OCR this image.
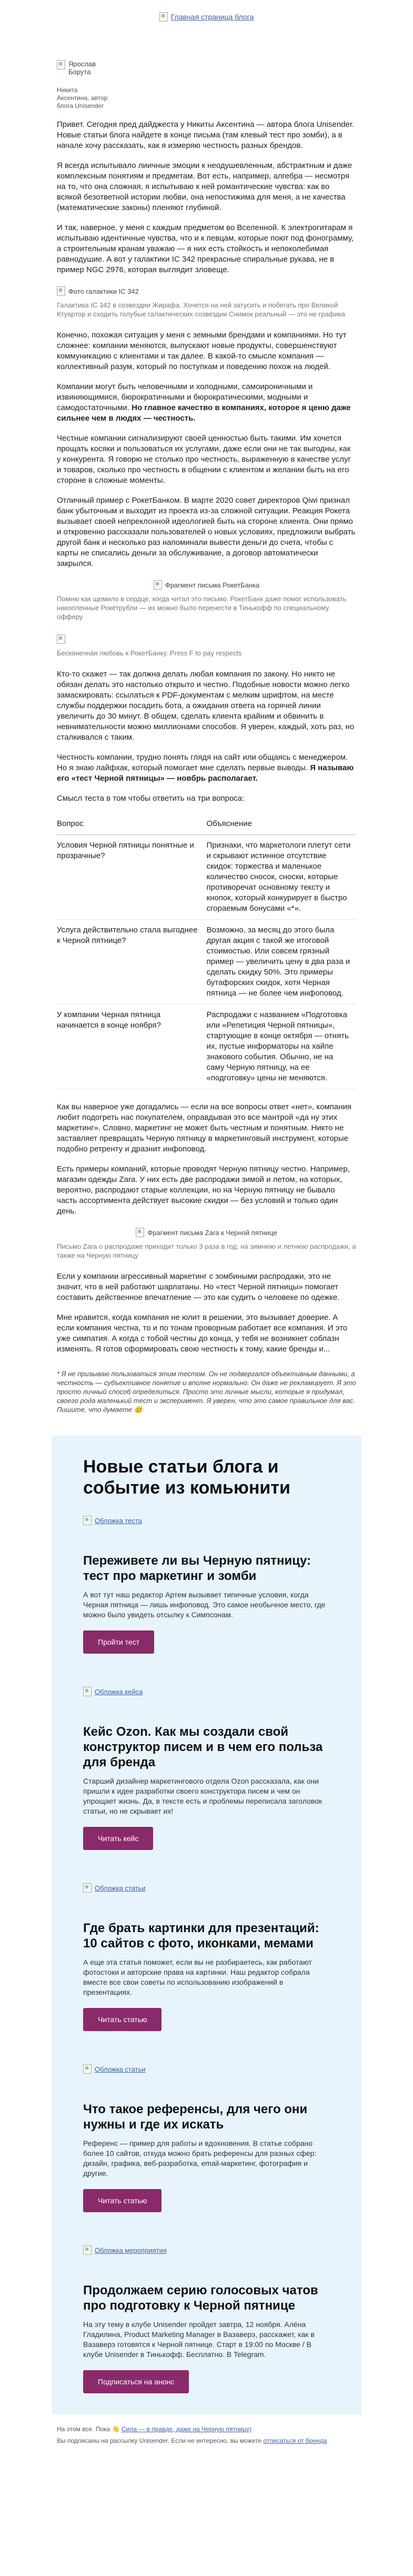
Главная страница блога
Ярослав Борута
Никита Аксентина, автор блога Unisender

Привет. Сегодня пред дайджеста у Никиты Аксентина — автора блога Unisender. Новые статьи блога найдете в конце письма (там клевый тест про зомби), а в начале хочу рассказать, как я измеряю честность разных брендов.

Я всегда испытывало лиичные эмоции к неодушевленным, абстрактным и даже комплексным понятиям и предметам. Вот есть, например, алгебра — несмотря на то, что она сложная, я испытываю к ней романтические чувства: как во всякой безответной истории любви, она непостижима для меня, а не качества (математические законы) пленяют глубиной.

И так, наверное, у меня с каждым предметом во Вселенной. К электрогитарам я испытываю идентичные чувства, что и к певцам, которые поют под фонограмму, а строительным кранам уважаю — я них есть стойкость и непоколебимая равнодушие. А вот у галактики IC 342 прекрасные спиральные рукава, не в пример NGC 2976, которая выглядит зловеще.

Фото галактики IC 342
Галактика IC 342 в созвездии Жирафа. Хочется на ней затусить и побегать про Великой Ктуартор и сходить голубые галактических созвездии Снимок реальный — это не графика

Конечно, похожая ситуация у меня с земными брендами и компаниями. Но тут сложнее: компании меняются, выпускают новые продукты, совершенствуют коммуникацию с клиентами и так далее. В какой-то смысле компания — коллективный разум, который по поступкам и поведению похож на людей.

Компании могут быть человечными и холодными, самоироничными и извиняющимися, бюрократичными и бюрократическими, модными и самодостаточными. Но главное качество в компаниях, которое я ценю даже сильнее чем в людях — честность.

Честные компании сигнализируют своей ценностью быть такими. Им хочется прощать косяки и пользоваться их услугами, даже если они не так выгодны, как у конкурента. Я говорю не столько про честность, выраженную в качестве услуг и товаров, сколько про честность в общении с клиентом и желании быть на его стороне в сложные моменты.

Отличный пример с РокетБанком. В марте 2020 совет директоров Qiwi признал банк убыточным и выходит из проекта из-за сложной ситуации. Реакция Рокета вызывает своей непреклонной идеологией быть на стороне клиента. Они прямо и откровенно рассказали пользователей о новых условиях, предложили выбрать другой банк и несколько раз напоминали вывести деньги до счета, чтобы с карты не списались деньги за обслуживание, а договор автоматически закрылся.

Фрагмент письма РокетБанка
Помню как щемило в сердце, когда читал это письмо. РокетБанк даже помог использовать накопленные Рокетрубли — их можно было перенести в Тинькофф по специальному офферу
Бесконечная любовь к РокетБанку. Press F to pay respects

Кто-то скажет — так должна делать любая компания по закону. Но никто не обязан делать это настолько открыто и честно. Подобные новости можно легко замаскировать: ссылаться к PDF-документам с мелким шрифтом, на месте службы поддержки посадить бота, а ожидания ответа на горячей линии увеличить до 30 минут. В общем, сделать клиента крайним и обвинить в невнимательности можно миллионами способов. Я уверен, каждый, хоть раз, но сталкивался с таким.

Честность компании, трудно понять глядя на сайт или общаясь с менеджером. Но я знаю лайфхак, который помогает мне сделать первые выводы. Я называю его «тест Черной пятницы» — новбрь располагает.

Смысл теста в том чтобы ответить на три вопроса:

Вопрос	Объяснение
Условия Черной пятницы понятные и прозрачные?	Признаки, что маркетологи плетут сети и скрывают истинное отсутствие скидок: торжества и маленькое количество сносок, сноски, которые противоречат основному тексту и кнопок, который конкурирует в быстро сгораемым бонусами «*».
Услуга действительно стала выгоднее к Черной пятнице?	Возможно, за месяц до этого была другая акция с такой же итоговой стоимостью. Или совсем грязный пример — увеличить цену в два раза и сделать скидку 50%. Это примеры бутафорских скидок, хотя Черная пятница — не более чем инфоповод.
У компании Черная пятница начинается в конце ноября?	Распродажи с названием «Подготовка или «Репетиция Черной пятницы», стартующие в конце октября — отнять их, пустые информаторы на хайпе знакового события. Обычно, не на саму Черную пятницу, на ее «подготовку» цены не меняются.

Как вы наверное уже догадались — если на все вопросы ответ «нет», компания любит подогреть нас покупателем, оправдывая это все мантрой «да ну этих маркетинг». Словно, маркетинг не может быть честным и понятным. Никто не заставляет превращать Черную пятницу в маркетинговый инструмент, которые подобно ретренту и дразнит инфоповод.

Есть примеры компаний, которые проводят Черную пятницу честно. Например, магазин одежды Zara. У них есть две распродажи зимой и летом, на которых, вероятно, распродают старые коллекции, но на Черную пятницу не бывало часть ассортимента действует высокие скидки — без условий и только один день.

Фрагмент письма Zara к Черной пятнице
Письмо Zara о распродаже приходит только 3 раза в год: на зимнюю и летнюю распродажи, а также на Черную пятницу

Если у компании агрессивный маркетинг с зомбиными распродажи, это не значит, что в ней работают шарлатаны. Но «тест Черной пятницы» помогает составить действенное впечатление — это как судить о человеке по одежке.

Мне нравится, когда компания не юлит в решении, это вызывает доверие. А если компания честна, то и по тонам проворным работает все компания. И это уже симпатия. А когда с тобой честны до конца, у тебя не возникнет соблазн изменять. Я готов сформировать свою честность к тому, какие бренды и...

* Я не призываю пользоваться этим тестом. Он не подвергался объективным данными, а честность — субъективное понятие и вполне нормально. Он даже не рекламирует. Я это просто личный способ определиться. Просто это личные мысли, которые я придумал, своего рода маленький тест и эксперимент. Я уверен, что это самое правильное для вас. Пишите, что думаете 😊
Новые статьи блога и событие из комьюнити
Обложка теста
Переживете ли вы Черную пятницу: тест про маркетинг и зомби

А вот тут наш редактор Артем вызывает типичные условия, когда Черная пятница — лишь инфоповод. Это самое необычное место, где можно было увидеть отсылку к Симпсонам.

Пройти тест
Обложка кейса
Кейс Ozon. Как мы создали свой конструктор писем и в чем его польза для бренда

Старший дизайнер маркетингового отдела Ozon рассказала, как они пришли к идее разработки своего конструктора писем и чем он упрощает жизнь. Да, в тексте есть и проблемы переписала заголовок статьи, но не скрывает их!

Читать кейс
Обложка статьи
Где брать картинки для презентаций: 10 сайтов с фото, иконками, мемами

А еще эта статья поможет, если вы не разбираетесь, как работают фотостоки и авторские права на картинки. Наш редактор собрала вместе все свои советы по использованию изображений в презентациях.

Читать статью
Обложка статьи
Что такое референсы, для чего они нужны и где их искать

Референс — пример для работы и вдохновения. В статье собрано более 10 сайтов, откуда можно брать референсы для разных сфер: дизайн, графика, веб-разработка, email-маркетинг, фотография и другие.

Читать статью
Обложка мероприятия
Продолжаем серию голосовых чатов про подготовку к Черной пятнице

На эту тему в клубе Unisender пройдет завтра, 12 ноября. Алёна Гладилина, Product Marketing Manager в Вазаверэ, расскажет, как в Вазаверэ готовятся к Черной пятнице. Старт в 19:00 по Москве / В клубе Unisender в Тинькофф. Бесплатно. В Telegram.

Подписаться на анонс
На этом все. Пока 👋 Сила — в правде, даже на Черную пятницу)
Вы подписаны на рассылку Unisender. Если не интересно, вы можете отписаться от бренда
